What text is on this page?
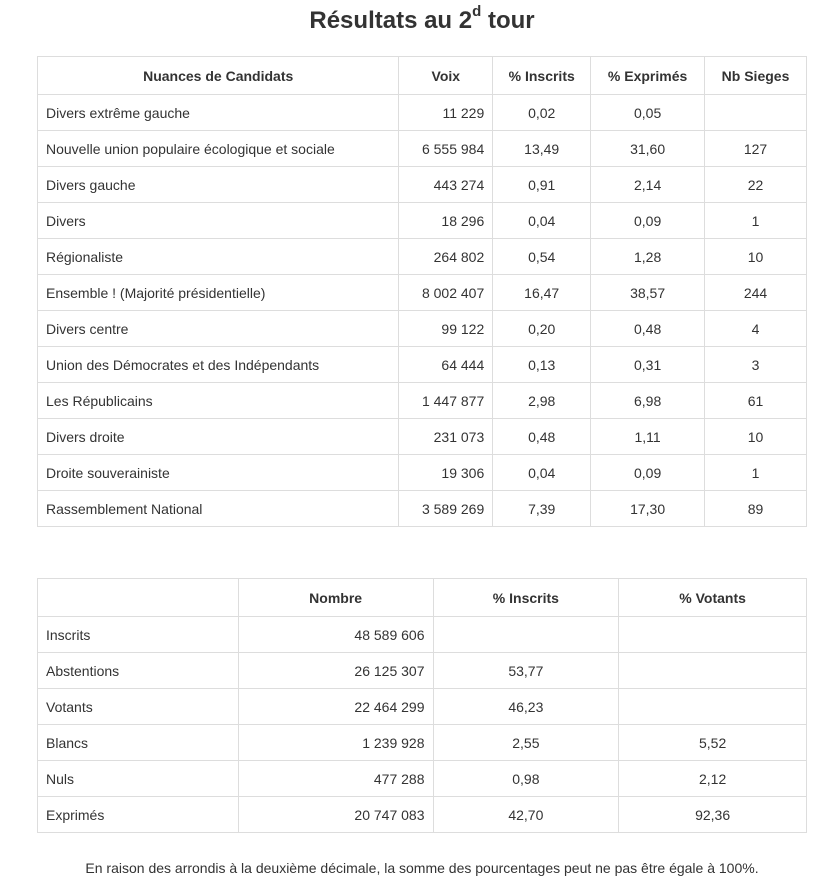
Résultats au 2$^d$ tour
Nuances de Candidats	Voix	% Inscrits	% Exprimés	Nb Sieges
Divers extrême gauche	11 229	0,02	0,05	
Nouvelle union populaire écologique et sociale	6 555 984	13,49	31,60	127
Divers gauche	443 274	0,91	2,14	22
Divers	18 296	0,04	0,09	1
Régionaliste	264 802	0,54	1,28	10
Ensemble ! (Majorité présidentielle)	8 002 407	16,47	38,57	244
Divers centre	99 122	0,20	0,48	4
Union des Démocrates et des Indépendants	64 444	0,13	0,31	3
Les Républicains	1 447 877	2,98	6,98	61
Divers droite	231 073	0,48	1,11	10
Droite souverainiste	19 306	0,04	0,09	1
Rassemblement National	3 589 269	7,39	17,30	89
	Nombre	% Inscrits	% Votants
Inscrits	48 589 606		
Abstentions	26 125 307	53,77	
Votants	22 464 299	46,23	
Blancs	1 239 928	2,55	5,52
Nuls	477 288	0,98	2,12
Exprimés	20 747 083	42,70	92,36

En raison des arrondis à la deuxième décimale, la somme des pourcentages peut ne pas être égale à 100%.
